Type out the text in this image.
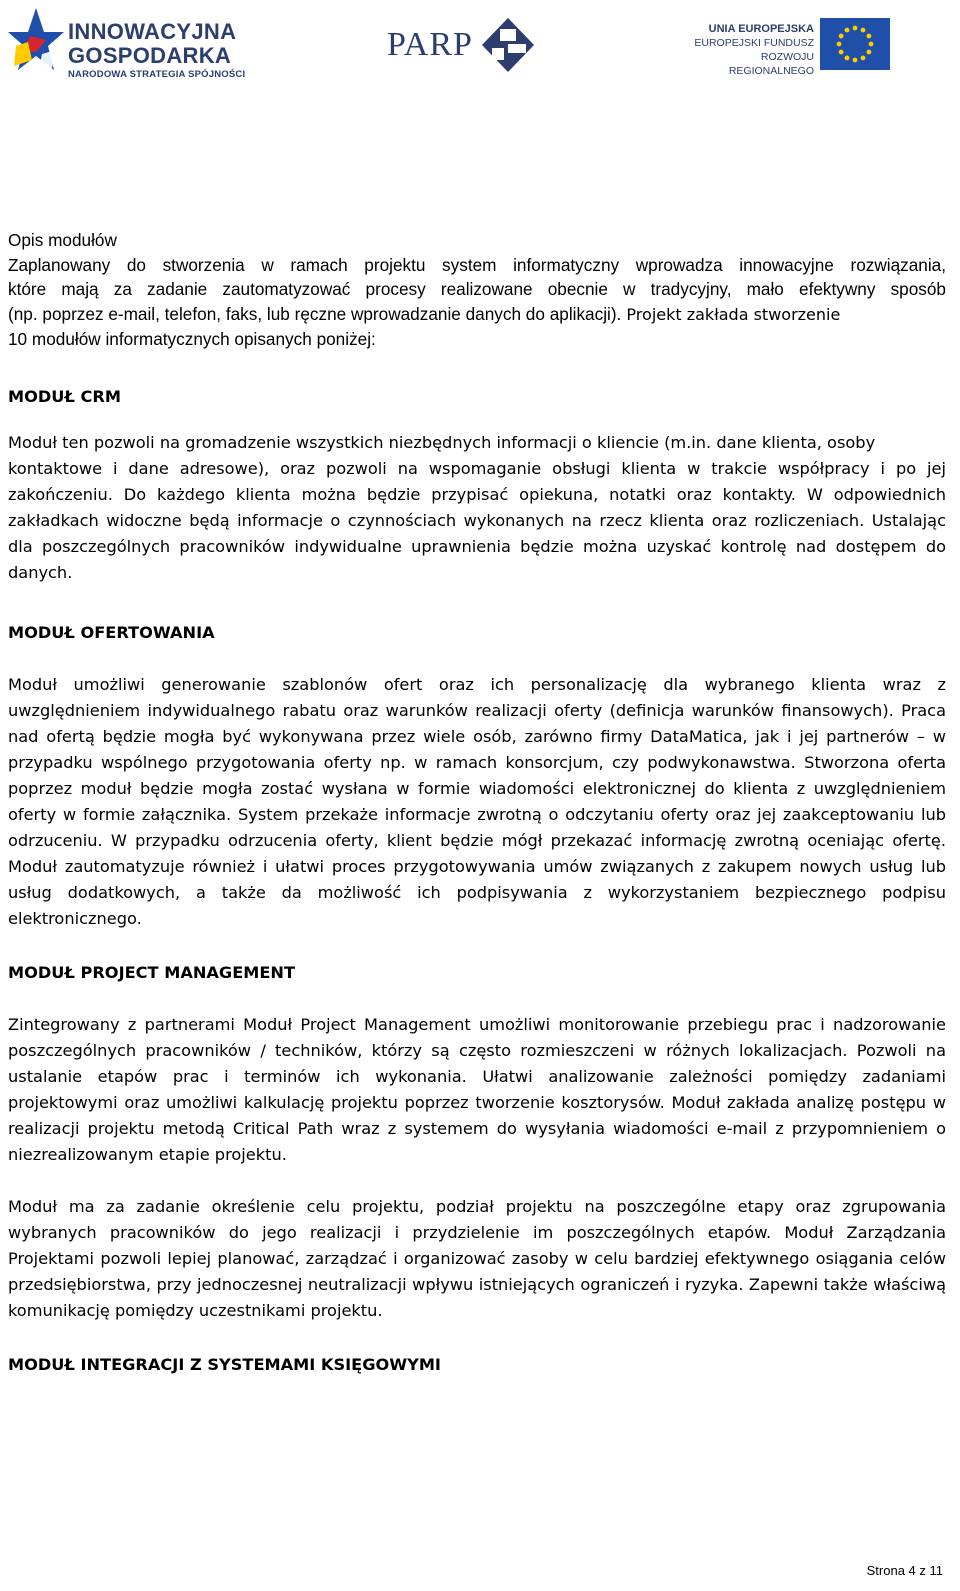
INNOWACYJNA
GOSPODARKA
NARODOWA STRATEGIA SPÓJNOŚCI
PARP	UNIA EUROPEJSKA
EUROPEJSKI FUNDUSZ
ROZWOJU REGIONALNEGO

Opis modułów

Zaplanowany do stworzenia w ramach projektu system informatyczny wprowadza innowacyjne rozwiązania,

które mają za zadanie zautomatyzować procesy realizowane obecnie w tradycyjny, mało efektywny sposób

(np. poprzez e-mail, telefon, faks, lub ręczne wprowadzanie danych do aplikacji). Projekt zakłada stworzenie

10 modułów informatycznych opisanych poniżej:

MODUŁ CRM

Moduł ten pozwoli na gromadzenie wszystkich niezbędnych informacji o kliencie (m.in. dane klienta, osoby

kontaktowe i dane adresowe), oraz pozwoli na wspomaganie obsługi klienta w trakcie współpracy i po jej zakończeniu. Do każdego klienta można będzie przypisać opiekuna, notatki oraz kontakty. W odpowiednich zakładkach widoczne będą informacje o czynnościach wykonanych na rzecz klienta oraz rozliczeniach. Ustalając dla poszczególnych pracowników indywidualne uprawnienia będzie można uzyskać kontrolę nad dostępem do danych.

MODUŁ OFERTOWANIA

Moduł umożliwi generowanie szablonów ofert oraz ich personalizację dla wybranego klienta wraz z uwzględnieniem indywidualnego rabatu oraz warunków realizacji oferty (definicja warunków finansowych). Praca nad ofertą będzie mogła być wykonywana przez wiele osób, zarówno firmy DataMatica, jak i jej partnerów – w przypadku wspólnego przygotowania oferty np. w ramach konsorcjum, czy podwykonawstwa. Stworzona oferta poprzez moduł będzie mogła zostać wysłana w formie wiadomości elektronicznej do klienta z uwzględnieniem oferty w formie załącznika. System przekaże informacje zwrotną o odczytaniu oferty oraz jej zaakceptowaniu lub odrzuceniu. W przypadku odrzucenia oferty, klient będzie mógł przekazać informację zwrotną oceniając ofertę. Moduł zautomatyzuje również i ułatwi proces przygotowywania umów związanych z zakupem nowych usług lub usług dodatkowych, a także da możliwość ich podpisywania z wykorzystaniem bezpiecznego podpisu elektronicznego.

MODUŁ PROJECT MANAGEMENT

Zintegrowany z partnerami Moduł Project Management umożliwi monitorowanie przebiegu prac i nadzorowanie poszczególnych pracowników / techników, którzy są często rozmieszczeni w różnych lokalizacjach. Pozwoli na ustalanie etapów prac i terminów ich wykonania. Ułatwi analizowanie zależności pomiędzy zadaniami projektowymi oraz umożliwi kalkulację projektu poprzez tworzenie kosztorysów. Moduł zakłada analizę postępu w realizacji projektu metodą Critical Path wraz z systemem do wysyłania wiadomości e-mail z przypomnieniem o niezrealizowanym etapie projektu.

Moduł ma za zadanie określenie celu projektu, podział projektu na poszczególne etapy oraz zgrupowania wybranych pracowników do jego realizacji i przydzielenie im poszczególnych etapów. Moduł Zarządzania Projektami pozwoli lepiej planować, zarządzać i organizować zasoby w celu bardziej efektywnego osiągania celów przedsiębiorstwa, przy jednoczesnej neutralizacji wpływu istniejących ograniczeń i ryzyka. Zapewni także właściwą komunikację pomiędzy uczestnikami projektu.

MODUŁ INTEGRACJI Z SYSTEMAMI KSIĘGOWYMI

Strona 4 z 11
